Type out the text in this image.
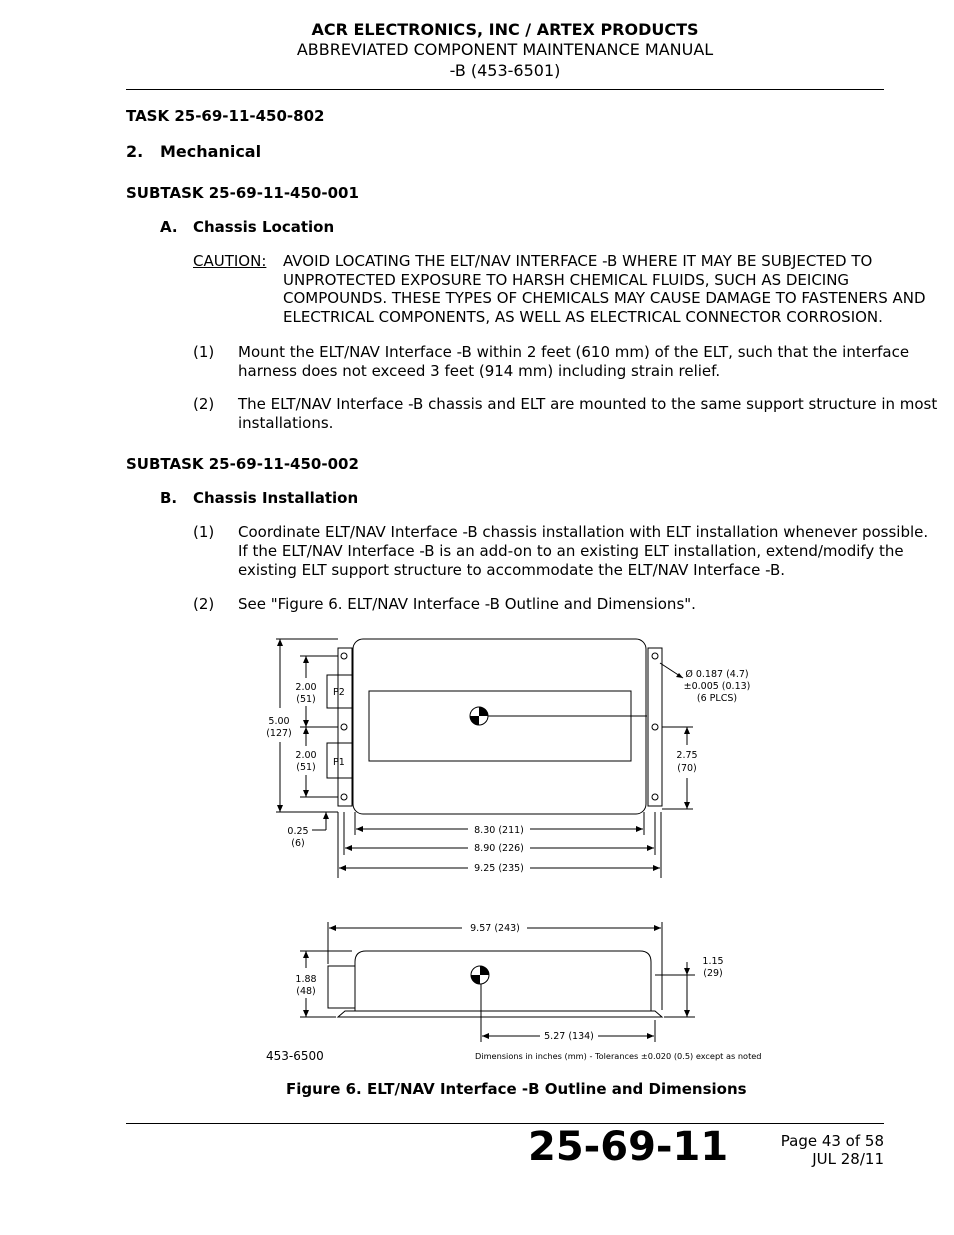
ACR ELECTRONICS, INC / ARTEX PRODUCTS
ABBREVIATED COMPONENT MAINTENANCE MANUAL
-B (453-6501)
TASK 25-69-11-450-802
2. Mechanical
SUBTASK 25-69-11-450-001
A. Chassis Location
CAUTION: AVOID LOCATING THE ELT/NAV INTERFACE -B WHERE IT MAY BE SUBJECTED TO
UNPROTECTED EXPOSURE TO HARSH CHEMICAL FLUIDS, SUCH AS DEICING
COMPOUNDS. THESE TYPES OF CHEMICALS MAY CAUSE DAMAGE TO FASTENERS AND
ELECTRICAL COMPONENTS, AS WELL AS ELECTRICAL CONNECTOR CORROSION.
(1) Mount the ELT/NAV Interface -B within 2 feet (610 mm) of the ELT, such that the interface
harness does not exceed 3 feet (914 mm) including strain relief.
(2) The ELT/NAV Interface -B chassis and ELT are mounted to the same support structure in most
installations.
SUBTASK 25-69-11-450-002
B. Chassis Installation
(1) Coordinate ELT/NAV Interface -B chassis installation with ELT installation whenever possible.
If the ELT/NAV Interface -B is an add-on to an existing ELT installation, extend/modify the
existing ELT support structure to accommodate the ELT/NAV Interface -B.
(2) See "Figure 6. ELT/NAV Interface -B Outline and Dimensions".
P2
P1
2.00
(51)
5.00
(127)
2.00
(51)
0.25
(6)
Ø 0.187 (4.7)
±0.005 (0.13)
(6 PLCS)
2.75
(70)
8.30 (211)
8.90 (226)
9.25 (235)
9.57 (243)
1.88
(48)
1.15
(29)
5.27 (134)
453-6500	Dimensions in inches (mm) - Tolerances ±0.020 (0.5) except as noted
Figure 6. ELT/NAV Interface -B Outline and Dimensions
25-69-11	Page 43 of 58
JUL 28/11
